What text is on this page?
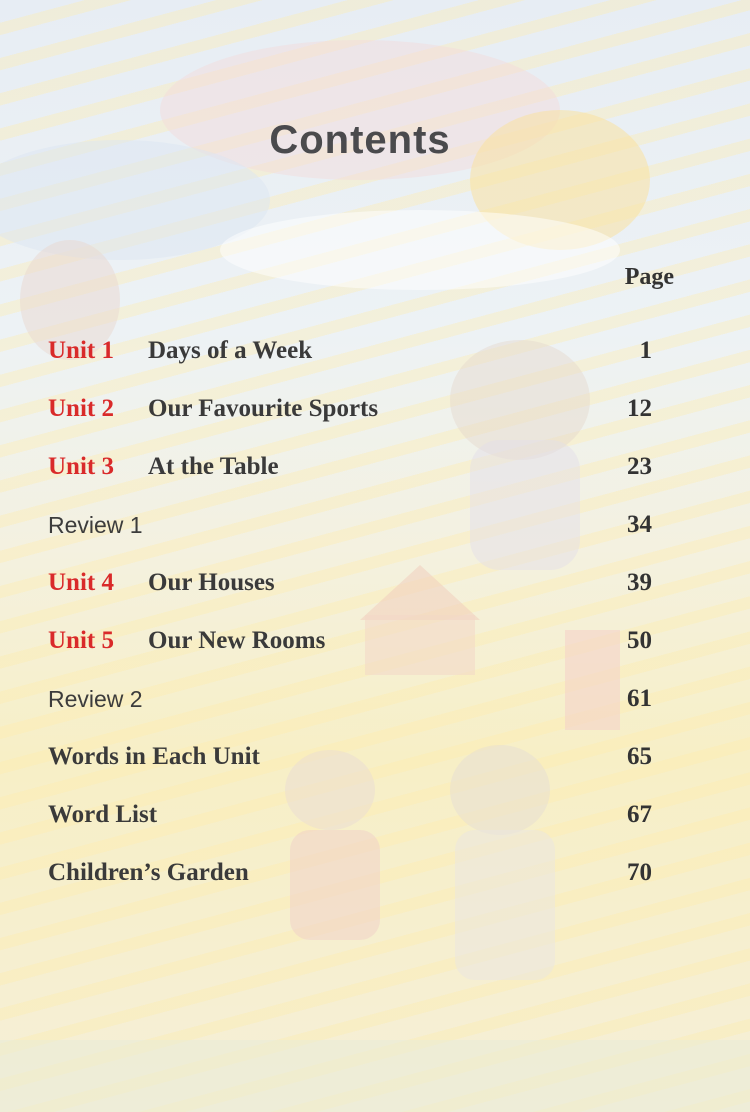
Contents
Page
Unit 1	Days of a Week	1
Unit 2	Our Favourite Sports	12
Unit 3	At the Table	23
Review 1	34
Unit 4	Our Houses	39
Unit 5	Our New Rooms	50
Review 2	61
Words in Each Unit	65
Word List	67
Children’s Garden	70
